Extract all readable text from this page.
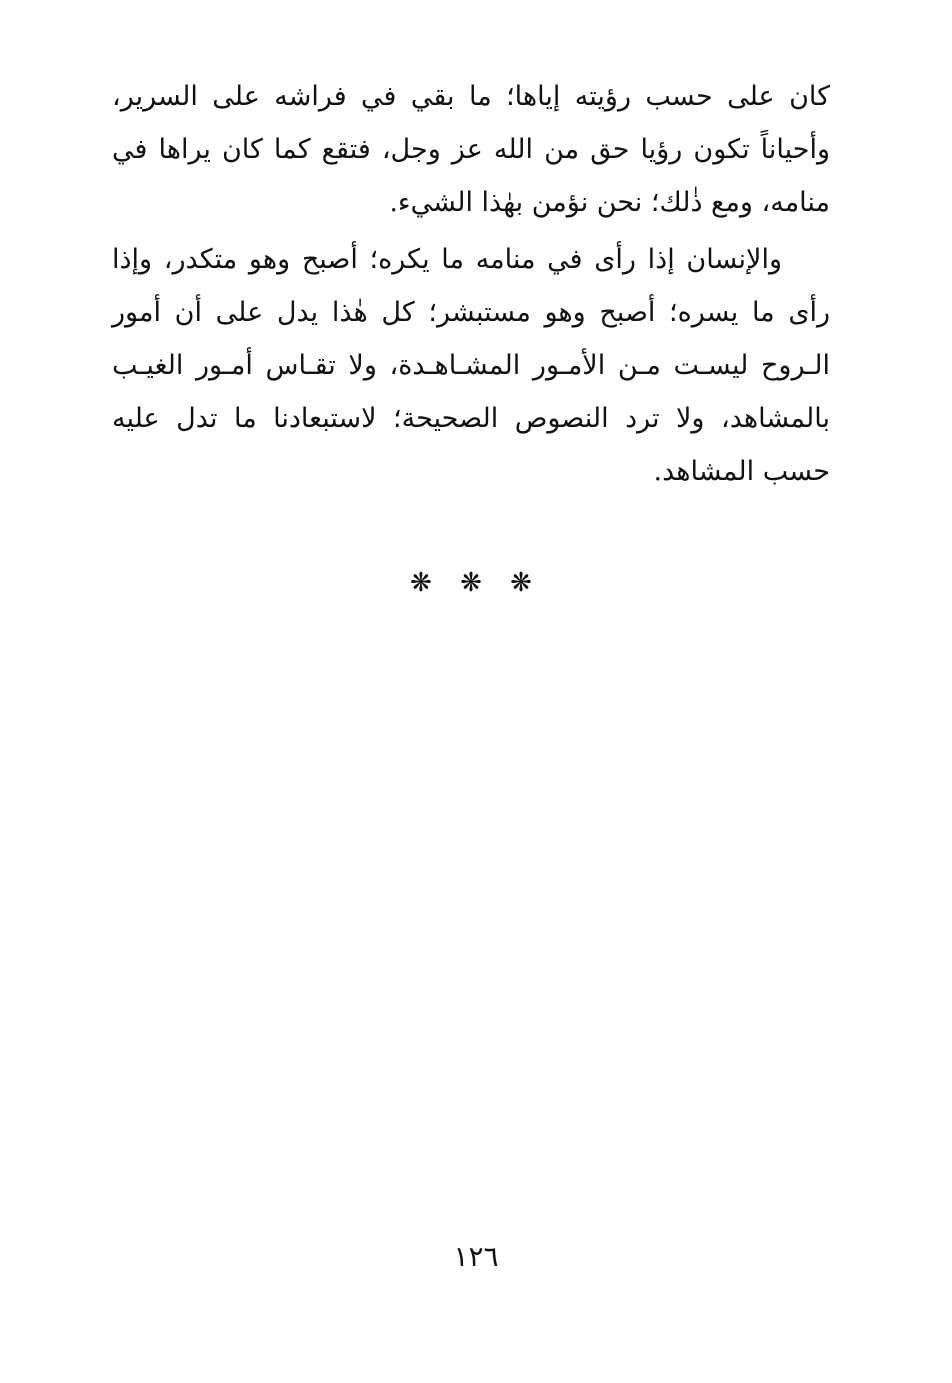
كان على حسب رؤيته إياها؛ ما بقي في فراشه على السرير،
وأحياناً تكون رؤيا حق من الله عز وجل، فتقع كما كان يراها في
منامه، ومع ذٰلك؛ نحن نؤمن بهٰذا الشيء.
والإنسان إذا رأى في منامه ما يكره؛ أصبح وهو متكدر، وإذا
رأى ما يسره؛ أصبح وهو مستبشر؛ كل هٰذا يدل على أن أمور
الـروح ليسـت مـن الأمـور المشـاهـدة، ولا تقـاس أمـور الغيـب
بالمشاهد، ولا ترد النصوص الصحيحة؛ لاستبعادنا ما تدل عليه
حسب المشاهد.
❋ ❋ ❋
١٢٦
